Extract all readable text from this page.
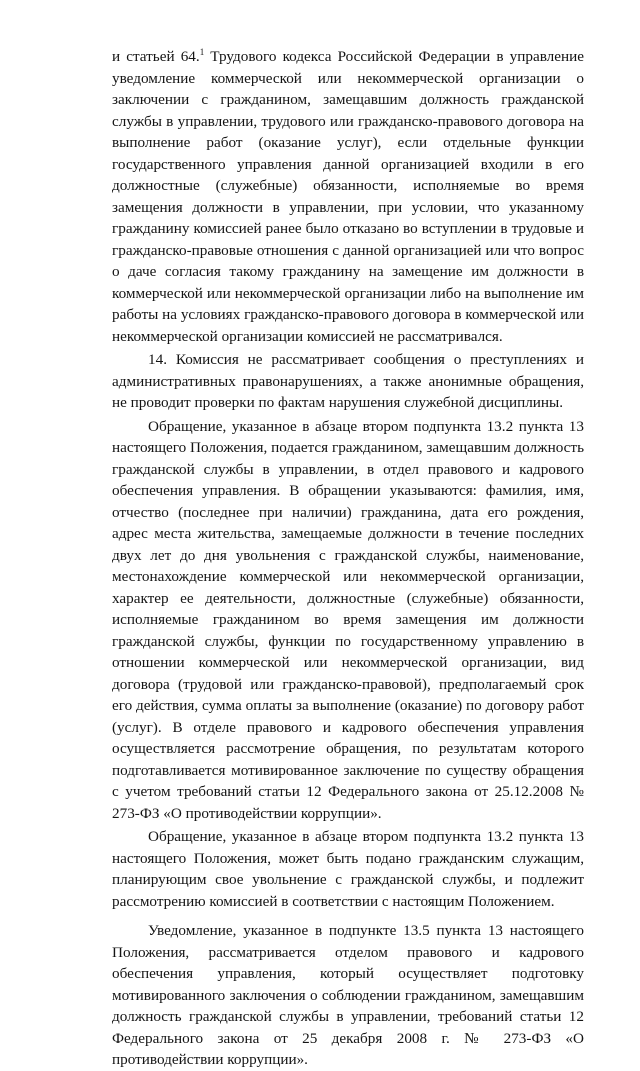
и статьей 64.$^1$ Трудового кодекса Российской Федерации в управление уведомление коммерческой или некоммерческой организации о заключении с гражданином, замещавшим должность гражданской службы в управлении, трудового или гражданско-правового договора на выполнение работ (оказание услуг), если отдельные функции государственного управления данной организацией входили в его должностные (служебные) обязанности, исполняемые во время замещения должности в управлении, при условии, что указанному гражданину комиссией ранее было отказано во вступлении в трудовые и гражданско-правовые отношения с данной организацией или что вопрос о даче согласия такому гражданину на замещение им должности в коммерческой или некоммерческой организации либо на выполнение им работы на условиях гражданско-правового договора в коммерческой или некоммерческой организации комиссией не рассматривался.

14. Комиссия не рассматривает сообщения о преступлениях и административных правонарушениях, а также анонимные обращения, не проводит проверки по фактам нарушения служебной дисциплины.

Обращение, указанное в абзаце втором подпункта 13.2 пункта 13 настоящего Положения, подается гражданином, замещавшим должность гражданской службы в управлении, в отдел правового и кадрового обеспечения управления. В обращении указываются: фамилия, имя, отчество (последнее при наличии) гражданина, дата его рождения, адрес места жительства, замещаемые должности в течение последних двух лет до дня увольнения с гражданской службы, наименование, местонахождение коммерческой или некоммерческой организации, характер ее деятельности, должностные (служебные) обязанности, исполняемые гражданином во время замещения им должности гражданской службы, функции по государственному управлению в отношении коммерческой или некоммерческой организации, вид договора (трудовой или гражданско-правовой), предполагаемый срок его действия, сумма оплаты за выполнение (оказание) по договору работ (услуг). В отделе правового и кадрового обеспечения управления осуществляется рассмотрение обращения, по результатам которого подготавливается мотивированное заключение по существу обращения с учетом требований статьи 12 Федерального закона от 25.12.2008 № 273-ФЗ «О противодействии коррупции».

Обращение, указанное в абзаце втором подпункта 13.2 пункта 13 настоящего Положения, может быть подано гражданским служащим, планирующим свое увольнение с гражданской службы, и подлежит рассмотрению комиссией в соответствии с настоящим Положением.

Уведомление, указанное в подпункте 13.5 пункта 13 настоящего Положения, рассматривается отделом правового и кадрового обеспечения управления, который осуществляет подготовку мотивированного заключения о соблюдении гражданином, замещавшим должность гражданской службы в управлении, требований статьи 12 Федерального закона от 25 декабря 2008 г. № 273-ФЗ «О противодействии коррупции».
